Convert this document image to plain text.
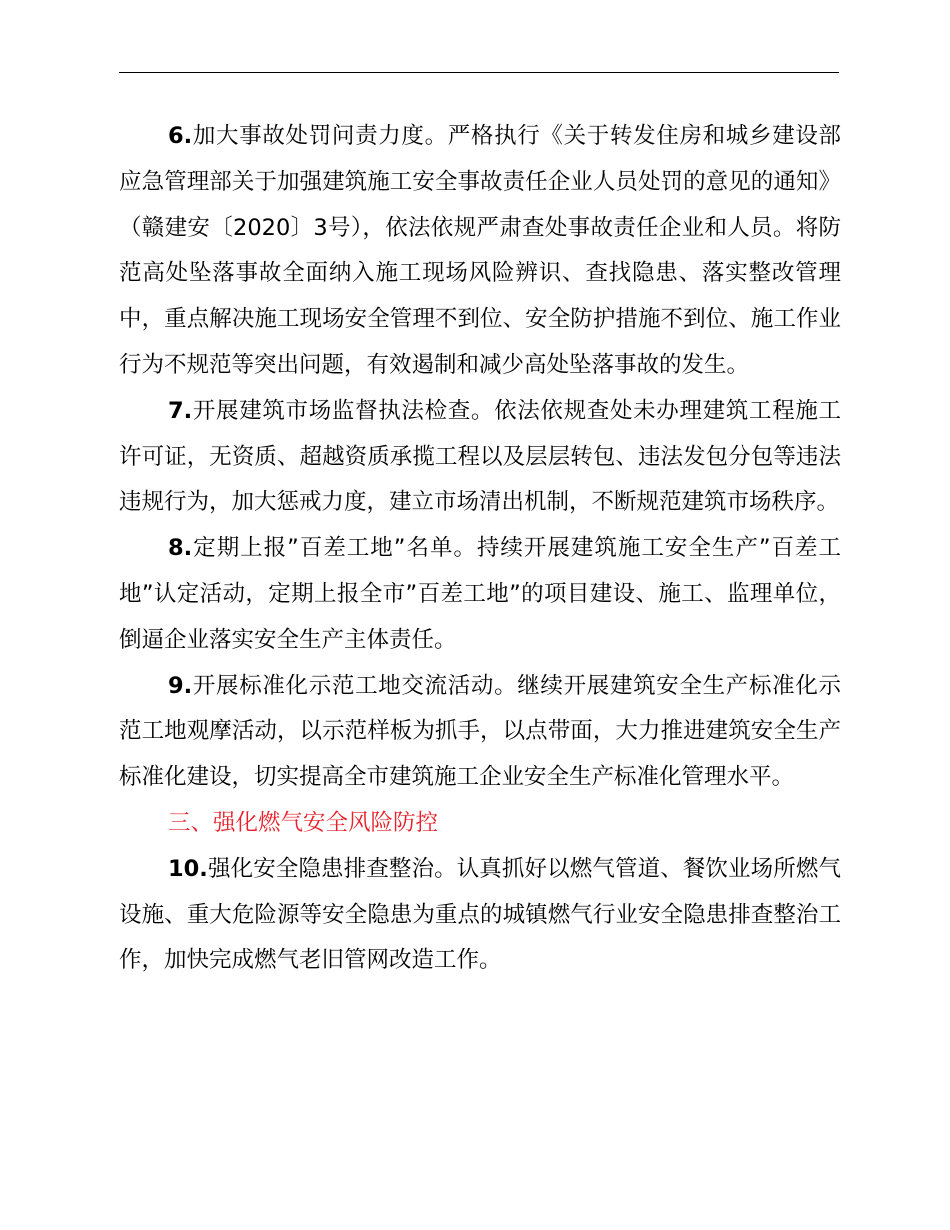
6.加大事故处罚问责力度。严格执行《关于转发住房和城乡建设部应急管理部关于加强建筑施工安全事故责任企业人员处罚的意见的通知》（赣建安〔2020〕3号），依法依规严肃查处事故责任企业和人员。将防范高处坠落事故全面纳入施工现场风险辨识、查找隐患、落实整改管理中，重点解决施工现场安全管理不到位、安全防护措施不到位、施工作业行为不规范等突出问题，有效遏制和减少高处坠落事故的发生。

7.开展建筑市场监督执法检查。依法依规查处未办理建筑工程施工许可证，无资质、超越资质承揽工程以及层层转包、违法发包分包等违法违规行为，加大惩戒力度，建立市场清出机制，不断规范建筑市场秩序。

8.定期上报”百差工地”名单。持续开展建筑施工安全生产”百差工地”认定活动，定期上报全市”百差工地”的项目建设、施工、监理单位，倒逼企业落实安全生产主体责任。

9.开展标准化示范工地交流活动。继续开展建筑安全生产标准化示范工地观摩活动，以示范样板为抓手，以点带面，大力推进建筑安全生产标准化建设，切实提高全市建筑施工企业安全生产标准化管理水平。

三、强化燃气安全风险防控

10.强化安全隐患排查整治。认真抓好以燃气管道、餐饮业场所燃气设施、重大危险源等安全隐患为重点的城镇燃气行业安全隐患排查整治工作，加快完成燃气老旧管网改造工作。
